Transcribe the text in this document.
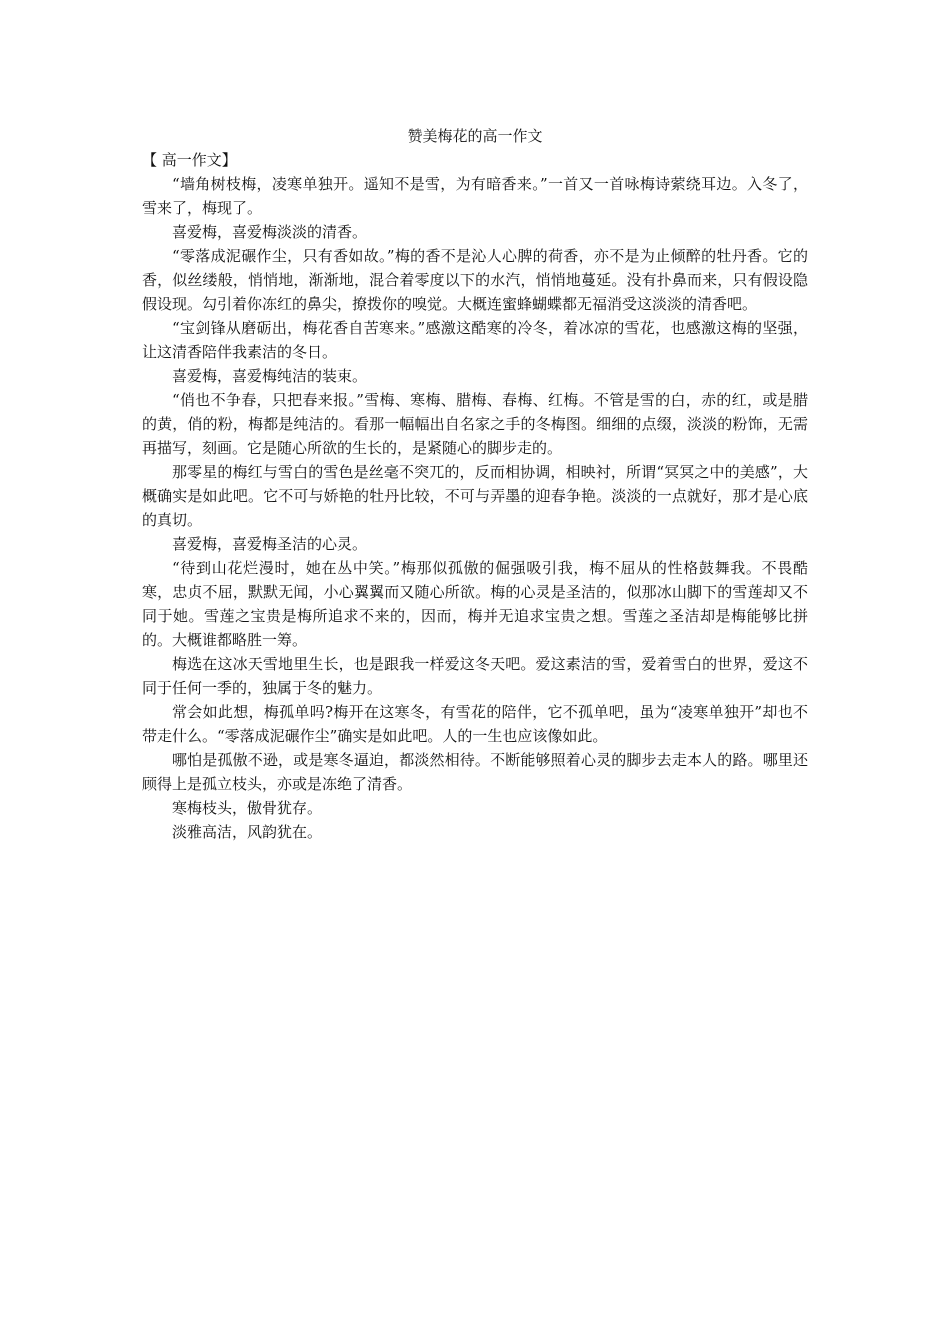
赞美梅花的高一作文

【 高一作文】

“墙角树枝梅，凌寒单独开。遥知不是雪，为有暗香来。”一首又一首咏梅诗萦绕耳边。入冬了，雪来了，梅现了。

喜爱梅，喜爱梅淡淡的清香。

“零落成泥碾作尘，只有香如故。”梅的香不是沁人心脾的荷香，亦不是为止倾醉的牡丹香。它的香，似丝缕般，悄悄地，渐渐地，混合着零度以下的水汽，悄悄地蔓延。没有扑鼻而来，只有假设隐假设现。勾引着你冻红的鼻尖，撩拨你的嗅觉。大概连蜜蜂蝴蝶都无福消受这淡淡的清香吧。

“宝剑锋从磨砺出，梅花香自苦寒来。”感激这酷寒的冷冬，着冰凉的雪花，也感激这梅的坚强，让这清香陪伴我素洁的冬日。

喜爱梅，喜爱梅纯洁的装束。

“俏也不争春，只把春来报。”雪梅、寒梅、腊梅、春梅、红梅。不管是雪的白，赤的红，或是腊的黄，俏的粉，梅都是纯洁的。看那一幅幅出自名家之手的冬梅图。细细的点缀，淡淡的粉饰，无需再描写，刻画。它是随心所欲的生长的，是紧随心的脚步走的。

那零星的梅红与雪白的雪色是丝毫不突兀的，反而相协调，相映衬，所谓“冥冥之中的美感”，大概确实是如此吧。它不可与娇艳的牡丹比较，不可与弄墨的迎春争艳。淡淡的一点就好，那才是心底的真切。

喜爱梅，喜爱梅圣洁的心灵。

“待到山花烂漫时，她在丛中笑。”梅那似孤傲的倔强吸引我，梅不屈从的性格鼓舞我。不畏酷寒，忠贞不屈，默默无闻，小心翼翼而又随心所欲。梅的心灵是圣洁的，似那冰山脚下的雪莲却又不同于她。雪莲之宝贵是梅所追求不来的，因而，梅并无追求宝贵之想。雪莲之圣洁却是梅能够比拼的。大概谁都略胜一筹。

梅选在这冰天雪地里生长，也是跟我一样爱这冬天吧。爱这素洁的雪，爱着雪白的世界，爱这不同于任何一季的，独属于冬的魅力。

常会如此想，梅孤单吗?梅开在这寒冬，有雪花的陪伴，它不孤单吧，虽为“凌寒单独开”却也不带走什么。“零落成泥碾作尘”确实是如此吧。人的一生也应该像如此。

哪怕是孤傲不逊，或是寒冬逼迫，都淡然相待。不断能够照着心灵的脚步去走本人的路。哪里还顾得上是孤立枝头，亦或是冻绝了清香。

寒梅枝头，傲骨犹存。

淡雅高洁，风韵犹在。
